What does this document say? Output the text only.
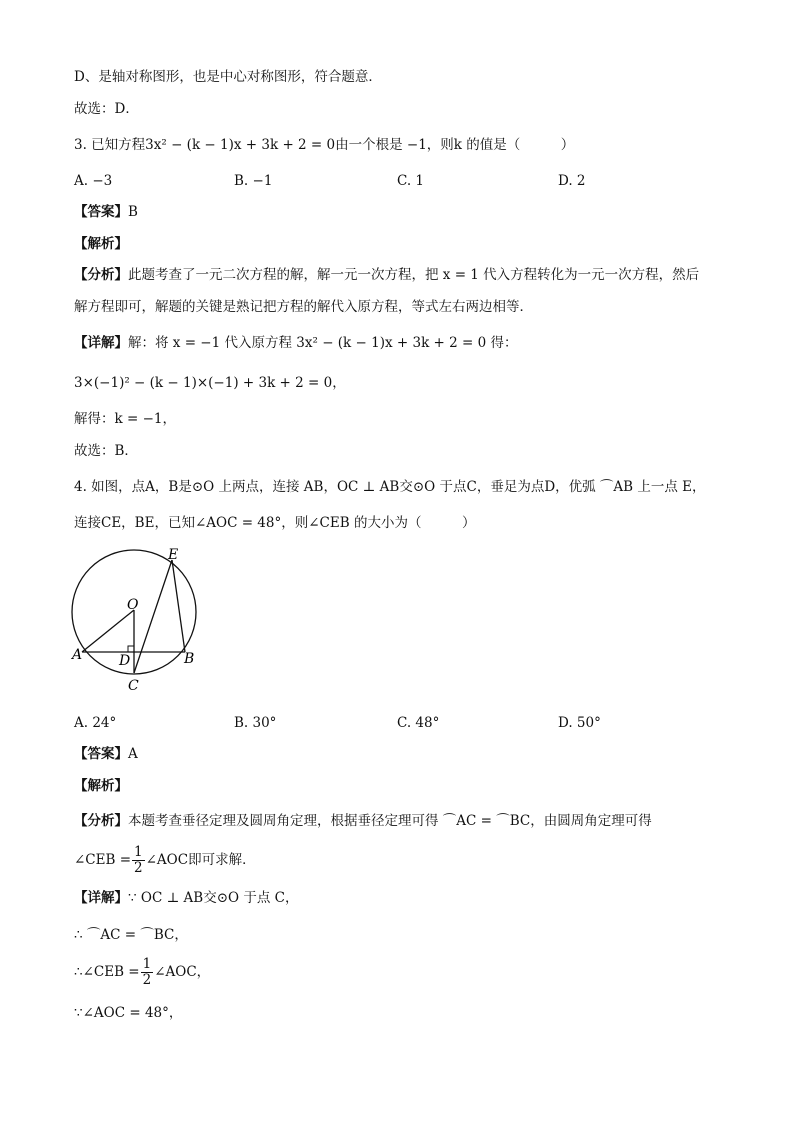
D、是轴对称图形，也是中心对称图形，符合题意．
故选：D．
3. 已知方程3x² − (k − 1)x + 3k + 2 = 0由一个根是 −1，则k 的值是（　　　）
A. −3	B. −1	C. 1	D. 2
【答案】B
【解析】
【分析】此题考查了一元二次方程的解，解一元一次方程，把 x = 1 代入方程转化为一元一次方程，然后
解方程即可，解题的关键是熟记把方程的解代入原方程，等式左右两边相等．
【详解】解：将 x = −1 代入原方程 3x² − (k − 1)x + 3k + 2 = 0 得：
3×(−1)² − (k − 1)×(−1) + 3k + 2 = 0，
解得：k = −1，
故选：B．
4. 如图，点A，B是⊙O 上两点，连接 AB，OC ⊥ AB交⊙O 于点C，垂足为点D，优弧 ⌒AB 上一点 E，
连接CE，BE，已知∠AOC = 48°，则∠CEB 的大小为（　　　）
E
O
A	D	B
C
A. 24°	B. 30°	C. 48°	D. 50°
【答案】A
【解析】
【分析】本题考查垂径定理及圆周角定理，根据垂径定理可得 ⌒AC = ⌒BC，由圆周角定理可得
∠CEB = $\frac{1}{2}$ ∠AOC即可求解．
【详解】∵ OC ⊥ AB交⊙O 于点 C，
∴ ⌒AC = ⌒BC，
∴∠CEB = $\frac{1}{2}$ ∠AOC，
∵∠AOC = 48°，
